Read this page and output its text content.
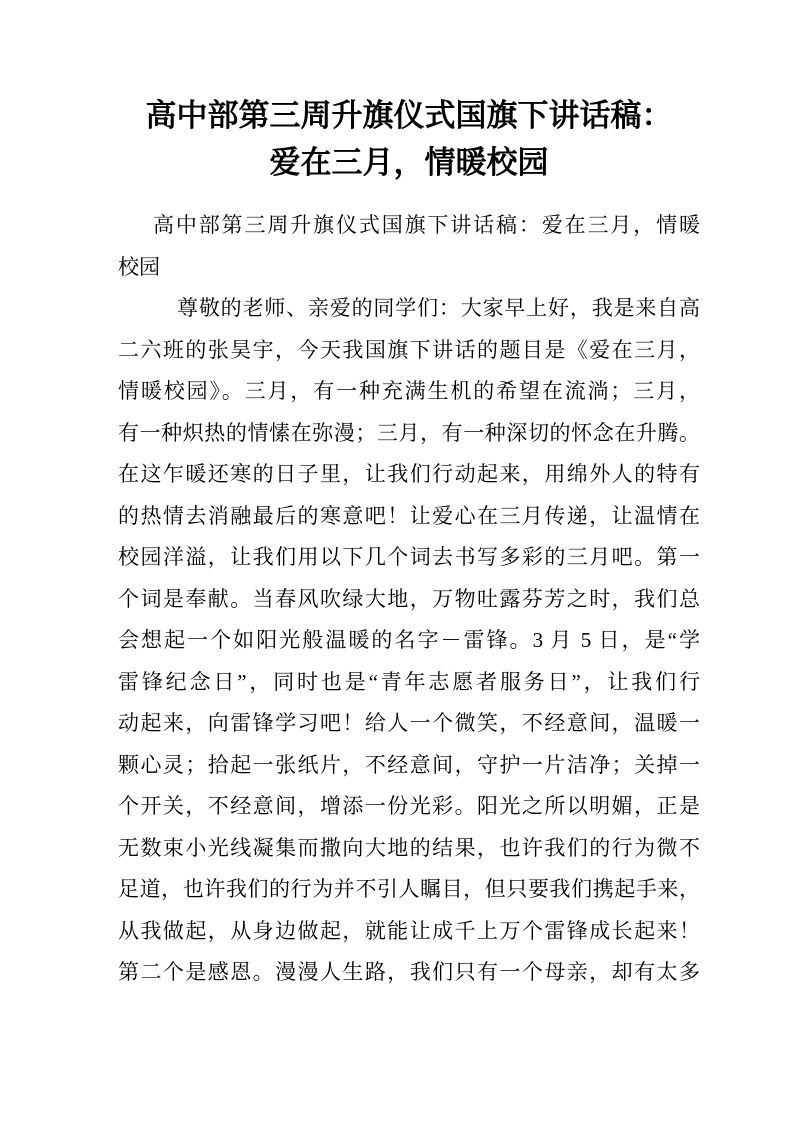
高中部第三周升旗仪式国旗下讲话稿：
爱在三月，情暖校园
高中部第三周升旗仪式国旗下讲话稿：爱在三月，情暖
校园
尊敬的老师、亲爱的同学们：大家早上好，我是来自高
二六班的张昊宇，今天我国旗下讲话的题目是《爱在三月，
情暖校园》。三月，有一种充满生机的希望在流淌；三月，
有一种炽热的情愫在弥漫；三月，有一种深切的怀念在升腾。
在这乍暖还寒的日子里，让我们行动起来，用绵外人的特有
的热情去消融最后的寒意吧！让爱心在三月传递，让温情在
校园洋溢，让我们用以下几个词去书写多彩的三月吧。第一
个词是奉献。当春风吹绿大地，万物吐露芬芳之时，我们总
会想起一个如阳光般温暖的名字－雷锋。3 月 5 日，是“学
雷锋纪念日”，同时也是“青年志愿者服务日”，让我们行
动起来，向雷锋学习吧！给人一个微笑，不经意间，温暖一
颗心灵；拾起一张纸片，不经意间，守护一片洁净；关掉一
个开关，不经意间，增添一份光彩。阳光之所以明媚，正是
无数束小光线凝集而撒向大地的结果，也许我们的行为微不
足道，也许我们的行为并不引人瞩目，但只要我们携起手来，
从我做起，从身边做起，就能让成千上万个雷锋成长起来！
第二个是感恩。漫漫人生路，我们只有一个母亲，却有太多
